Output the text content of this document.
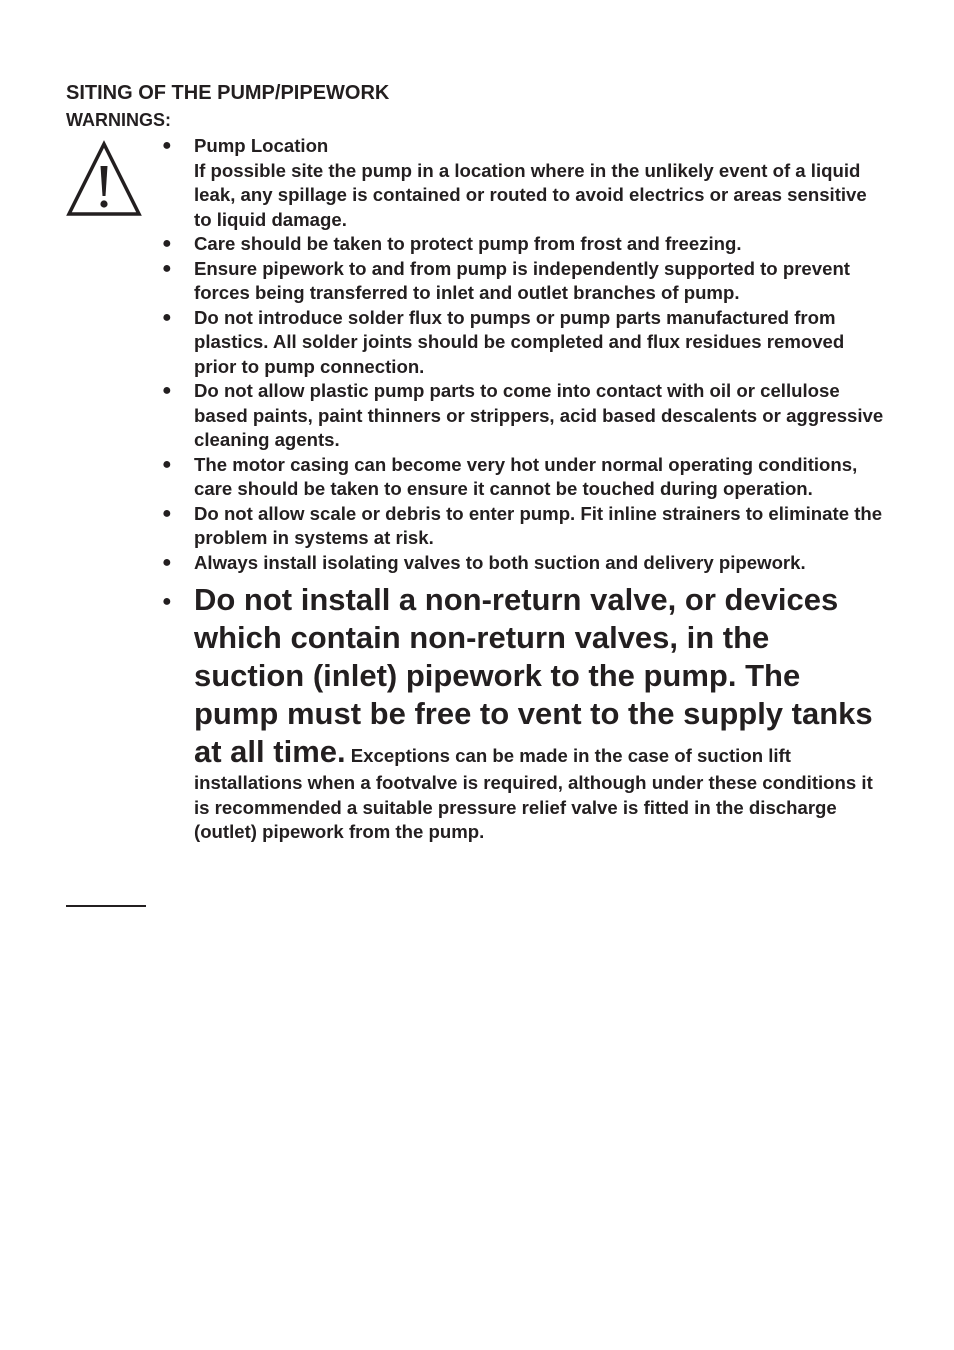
SITING OF THE PUMP/PIPEWORK
WARNINGS:
● Pump Location
If possible site the pump in a location where in the unlikely event of a liquid leak, any spillage is contained or routed to avoid electrics or areas sensitive to liquid damage.
● Care should be taken to protect pump from frost and freezing.
● Ensure pipework to and from pump is independently supported to prevent forces being transferred to inlet and outlet branches of pump.
● Do not introduce solder flux to pumps or pump parts manufactured from plastics. All solder joints should be completed and flux residues removed prior to pump connection.
● Do not allow plastic pump parts to come into contact with oil or cellulose based paints, paint thinners or strippers, acid based descalents or aggressive cleaning agents.
● The motor casing can become very hot under normal operating conditions, care should be taken to ensure it cannot be touched during operation.
● Do not allow scale or debris to enter pump. Fit inline strainers to eliminate the problem in systems at risk.
● Always install isolating valves to both suction and delivery pipework.
● Do not install a non-return valve, or devices which contain non-return valves, in the suction (inlet) pipework to the pump. The pump must be free to vent to the supply tanks at all time. Exceptions can be made in the case of suction lift installations when a footvalve is required, although under these conditions it is recommended a suitable pressure relief valve is fitted in the discharge (outlet) pipework from the pump.
